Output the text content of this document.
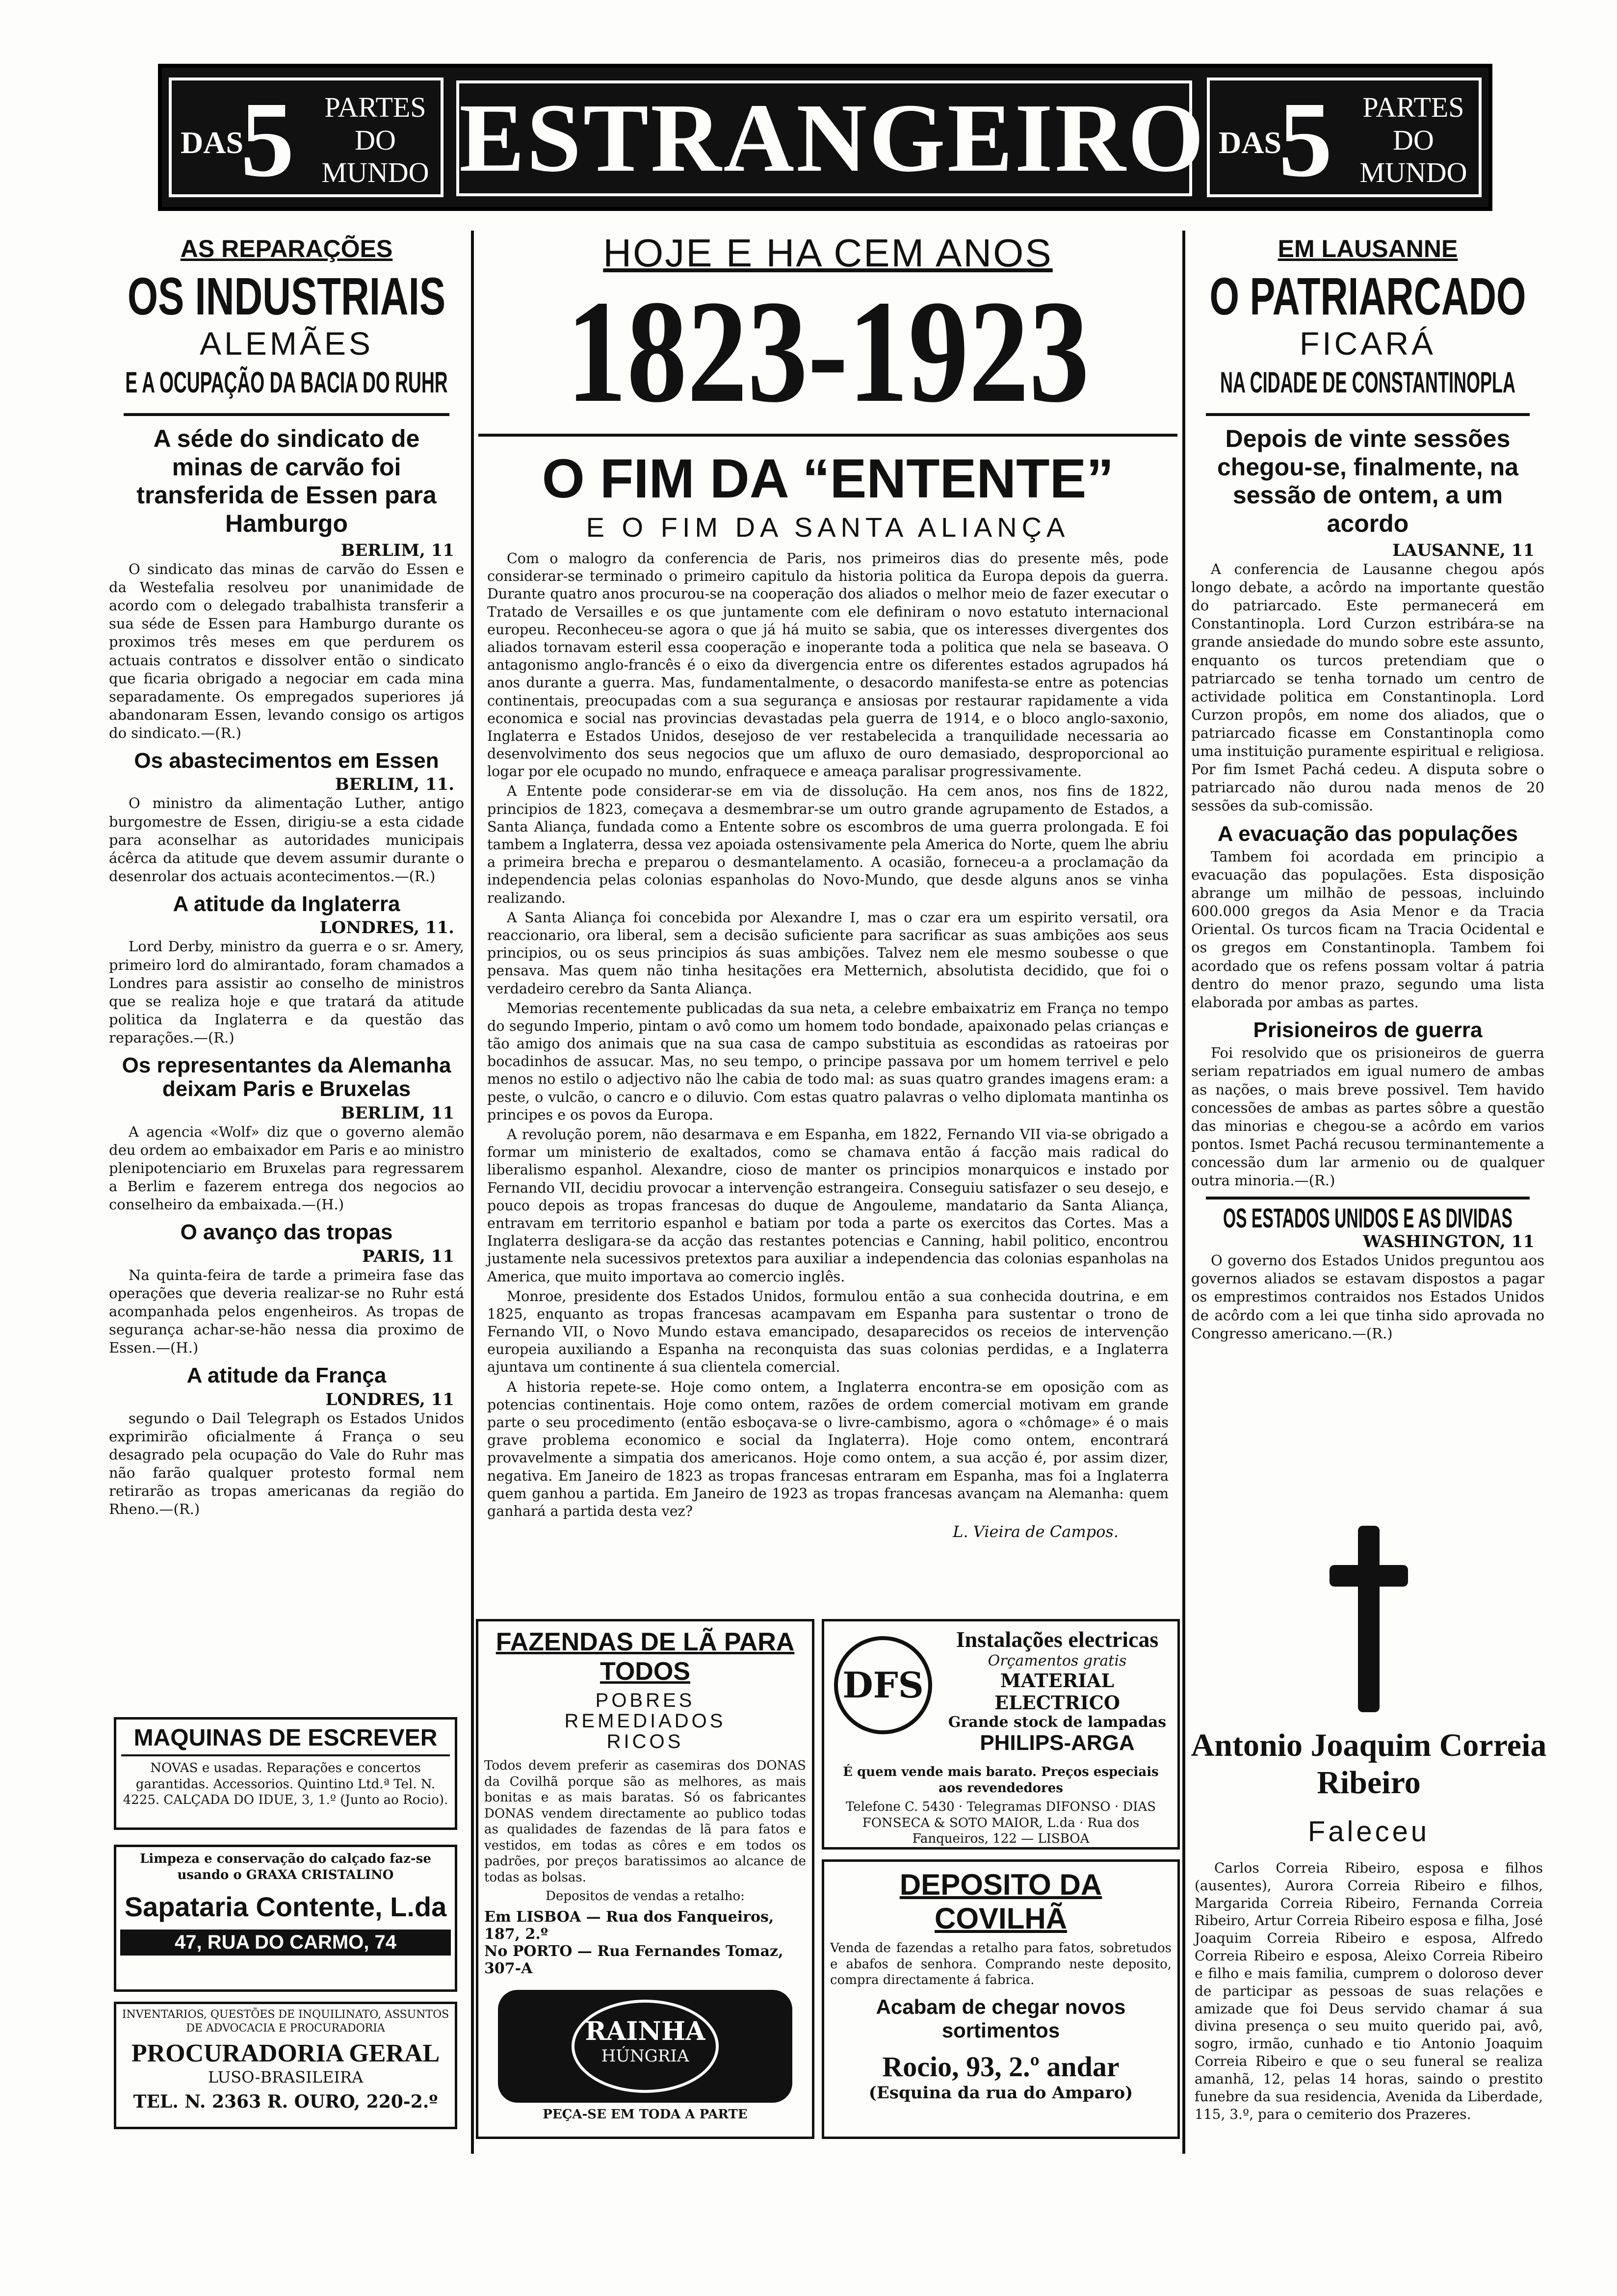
DAS
5 PARTES
DO
MUNDO ESTRANGEIRO DAS
5 PARTES
DO
MUNDO
AS REPARAÇÕES
OS INDUSTRIAIS
ALEMÃES
E A OCUPAÇÃO DA BACIA DO RUHR
A séde do sindicato de minas de carvão foi transferida de Essen para Hamburgo
BERLIM, 11

O sindicato das minas de carvão do Essen e da Westefalia resolveu por unanimidade de acordo com o delegado trabalhista transferir a sua séde de Essen para Hamburgo durante os proximos três meses em que perdurem os actuais contratos e dissolver então o sindicato que ficaria obrigado a negociar em cada mina separadamente. Os empregados superiores já abandonaram Essen, levando consigo os artigos do sindicato.—(R.)

Os abastecimentos em Essen
BERLIM, 11.

O ministro da alimentação Luther, antigo burgomestre de Essen, dirigiu-se a esta cidade para aconselhar as autoridades municipais ácêrca da atitude que devem assumir durante o desenrolar dos actuais acontecimentos.—(R.)

A atitude da Inglaterra
LONDRES, 11.

Lord Derby, ministro da guerra e o sr. Amery, primeiro lord do almirantado, foram chamados a Londres para assistir ao conselho de ministros que se realiza hoje e que tratará da atitude politica da Inglaterra e da questão das reparações.—(R.)

Os representantes da Alemanha deixam Paris e Bruxelas
BERLIM, 11

A agencia «Wolf» diz que o governo alemão deu ordem ao embaixador em Paris e ao ministro plenipotenciario em Bruxelas para regressarem a Berlim e fazerem entrega dos negocios ao conselheiro da embaixada.—(H.)

O avanço das tropas
PARIS, 11

Na quinta-feira de tarde a primeira fase das operações que deveria realizar-se no Ruhr está acompanhada pelos engenheiros. As tropas de segurança achar-se-hão nessa dia proximo de Essen.—(H.)

A atitude da França
LONDRES, 11

segundo o Dail Telegraph os Estados Unidos exprimirão oficialmente á França o seu desagrado pela ocupação do Vale do Ruhr mas não farão qualquer protesto formal nem retirarão as tropas americanas da região do Rheno.—(R.)

MAQUINAS DE ESCREVER
NOVAS e usadas. Reparações e concertos garantidas. Accessorios. Quintino Ltd.ª Tel. N. 4225. CALÇADA DO IDUE, 3, 1.º (Junto ao Rocio).
Limpeza e conservação do calçado faz-se usando o GRAXA CRISTALINO
Sapataria Contente, L.da
47, RUA DO CARMO, 74
INVENTARIOS, QUESTÕES DE INQUILINATO, ASSUNTOS DE ADVOCACIA E PROCURADORIA
PROCURADORIA GERAL
LUSO-BRASILEIRA
TEL. N. 2363 R. OURO, 220-2.º
HOJE E HA CEM ANOS
1823-1923
O FIM DA “ENTENTE”
E O FIM DA SANTA ALIANÇA

Com o malogro da conferencia de Paris, nos primeiros dias do presente mês, pode considerar-se terminado o primeiro capitulo da historia politica da Europa depois da guerra. Durante quatro anos procurou-se na cooperação dos aliados o melhor meio de fazer executar o Tratado de Versailles e os que juntamente com ele definiram o novo estatuto internacional europeu. Reconheceu-se agora o que já há muito se sabia, que os interesses divergentes dos aliados tornavam esteril essa cooperação e inoperante toda a politica que nela se baseava. O antagonismo anglo-francês é o eixo da divergencia entre os diferentes estados agrupados há anos durante a guerra. Mas, fundamentalmente, o desacordo manifesta-se entre as potencias continentais, preocupadas com a sua segurança e ansiosas por restaurar rapidamente a vida economica e social nas provincias devastadas pela guerra de 1914, e o bloco anglo-saxonio, Inglaterra e Estados Unidos, desejoso de ver restabelecida a tranquilidade necessaria ao desenvolvimento dos seus negocios que um afluxo de ouro demasiado, desproporcional ao logar por ele ocupado no mundo, enfraquece e ameaça paralisar progressivamente.

A Entente pode considerar-se em via de dissolução. Ha cem anos, nos fins de 1822, principios de 1823, começava a desmembrar-se um outro grande agrupamento de Estados, a Santa Aliança, fundada como a Entente sobre os escombros de uma guerra prolongada. E foi tambem a Inglaterra, dessa vez apoiada ostensivamente pela America do Norte, quem lhe abriu a primeira brecha e preparou o desmantelamento. A ocasião, forneceu-a a proclamação da independencia pelas colonias espanholas do Novo-Mundo, que desde alguns anos se vinha realizando.

A Santa Aliança foi concebida por Alexandre I, mas o czar era um espirito versatil, ora reaccionario, ora liberal, sem a decisão suficiente para sacrificar as suas ambições aos seus principios, ou os seus principios ás suas ambições. Talvez nem ele mesmo soubesse o que pensava. Mas quem não tinha hesitações era Metternich, absolutista decidido, que foi o verdadeiro cerebro da Santa Aliança.

Memorias recentemente publicadas da sua neta, a celebre embaixatriz em França no tempo do segundo Imperio, pintam o avô como um homem todo bondade, apaixonado pelas crianças e tão amigo dos animais que na sua casa de campo substituia as escondidas as ratoeiras por bocadinhos de assucar. Mas, no seu tempo, o principe passava por um homem terrivel e pelo menos no estilo o adjectivo não lhe cabia de todo mal: as suas quatro grandes imagens eram: a peste, o vulcão, o cancro e o diluvio. Com estas quatro palavras o velho diplomata mantinha os principes e os povos da Europa.

A revolução porem, não desarmava e em Espanha, em 1822, Fernando VII via-se obrigado a formar um ministerio de exaltados, como se chamava então á facção mais radical do liberalismo espanhol. Alexandre, cioso de manter os principios monarquicos e instado por Fernando VII, decidiu provocar a intervenção estrangeira. Conseguiu satisfazer o seu desejo, e pouco depois as tropas francesas do duque de Angouleme, mandatario da Santa Aliança, entravam em territorio espanhol e batiam por toda a parte os exercitos das Cortes. Mas a Inglaterra desligara-se da acção das restantes potencias e Canning, habil politico, encontrou justamente nela sucessivos pretextos para auxiliar a independencia das colonias espanholas na America, que muito importava ao comercio inglês.

Monroe, presidente dos Estados Unidos, formulou então a sua conhecida doutrina, e em 1825, enquanto as tropas francesas acampavam em Espanha para sustentar o trono de Fernando VII, o Novo Mundo estava emancipado, desaparecidos os receios de intervenção europeia auxiliando a Espanha na reconquista das suas colonias perdidas, e a Inglaterra ajuntava um continente á sua clientela comercial.

A historia repete-se. Hoje como ontem, a Inglaterra encontra-se em oposição com as potencias continentais. Hoje como ontem, razões de ordem comercial motivam em grande parte o seu procedimento (então esboçava-se o livre-cambismo, agora o «chômage» é o mais grave problema economico e social da Inglaterra). Hoje como ontem, encontrará provavelmente a simpatia dos americanos. Hoje como ontem, a sua acção é, por assim dizer, negativa. Em Janeiro de 1823 as tropas francesas entraram em Espanha, mas foi a Inglaterra quem ganhou a partida. Em Janeiro de 1923 as tropas francesas avançam na Alemanha: quem ganhará a partida desta vez?

L. Vieira de Campos.
FAZENDAS DE LÃ PARA TODOS
POBRES
REMEDIADOS
RICOS
Todos devem preferir as casemiras dos DONAS da Covilhã porque são as melhores, as mais bonitas e as mais baratas. Só os fabricantes DONAS vendem directamente ao publico todas as qualidades de fazendas de lã para fatos e vestidos, em todas as côres e em todos os padrões, por preços baratissimos ao alcance de todas as bolsas.
Depositos de vendas a retalho:
Em LISBOA — Rua dos Fanqueiros, 187, 2.º
No PORTO — Rua Fernandes Tomaz, 307-A
RAINHA
HÚNGRIA
PEÇA-SE EM TODA A PARTE
DFS
Instalações electricas
Orçamentos gratis
MATERIAL ELECTRICO
Grande stock de lampadas
PHILIPS-ARGA
É quem vende mais barato. Preços especiais aos revendedores
Telefone C. 5430 · Telegramas DIFONSO · DIAS FONSECA & SOTO MAIOR, L.da · Rua dos Fanqueiros, 122 — LISBOA
DEPOSITO DA COVILHÃ
Venda de fazendas a retalho para fatos, sobretudos e abafos de senhora. Comprando neste deposito, compra directamente á fabrica.
Acabam de chegar novos sortimentos
Rocio, 93, 2.º andar
(Esquina da rua do Amparo)
EM LAUSANNE
O PATRIARCADO
FICARÁ
NA CIDADE DE CONSTANTINOPLA
Depois de vinte sessões chegou-se, finalmente, na sessão de ontem, a um acordo
LAUSANNE, 11

A conferencia de Lausanne chegou após longo debate, a acôrdo na importante questão do patriarcado. Este permanecerá em Constantinopla. Lord Curzon estribára-se na grande ansiedade do mundo sobre este assunto, enquanto os turcos pretendiam que o patriarcado se tenha tornado um centro de actividade politica em Constantinopla. Lord Curzon propôs, em nome dos aliados, que o patriarcado ficasse em Constantinopla como uma instituição puramente espiritual e religiosa. Por fim Ismet Pachá cedeu. A disputa sobre o patriarcado não durou nada menos de 20 sessões da sub-comissão.

A evacuação das populações

Tambem foi acordada em principio a evacuação das populações. Esta disposição abrange um milhão de pessoas, incluindo 600.000 gregos da Asia Menor e da Tracia Oriental. Os turcos ficam na Tracia Ocidental e os gregos em Constantinopla. Tambem foi acordado que os refens possam voltar á patria dentro do menor prazo, segundo uma lista elaborada por ambas as partes.

Prisioneiros de guerra

Foi resolvido que os prisioneiros de guerra seriam repatriados em igual numero de ambas as nações, o mais breve possivel. Tem havido concessões de ambas as partes sôbre a questão das minorias e chegou-se a acôrdo em varios pontos. Ismet Pachá recusou terminantemente a concessão dum lar armenio ou de qualquer outra minoria.—(R.)

OS ESTADOS UNIDOS E AS DIVIDAS
WASHINGTON, 11

O governo dos Estados Unidos preguntou aos governos aliados se estavam dispostos a pagar os emprestimos contraidos nos Estados Unidos de acôrdo com a lei que tinha sido aprovada no Congresso americano.—(R.)

Antonio Joaquim Correia Ribeiro
Faleceu

Carlos Correia Ribeiro, esposa e filhos (ausentes), Aurora Correia Ribeiro e filhos, Margarida Correia Ribeiro, Fernanda Correia Ribeiro, Artur Correia Ribeiro esposa e filha, José Joaquim Correia Ribeiro e esposa, Alfredo Correia Ribeiro e esposa, Aleixo Correia Ribeiro e filho e mais familia, cumprem o doloroso dever de participar as pessoas de suas relações e amizade que foi Deus servido chamar á sua divina presença o seu muito querido pai, avô, sogro, irmão, cunhado e tio Antonio Joaquim Correia Ribeiro e que o seu funeral se realiza amanhã, 12, pelas 14 horas, saindo o prestito funebre da sua residencia, Avenida da Liberdade, 115, 3.º, para o cemiterio dos Prazeres.
